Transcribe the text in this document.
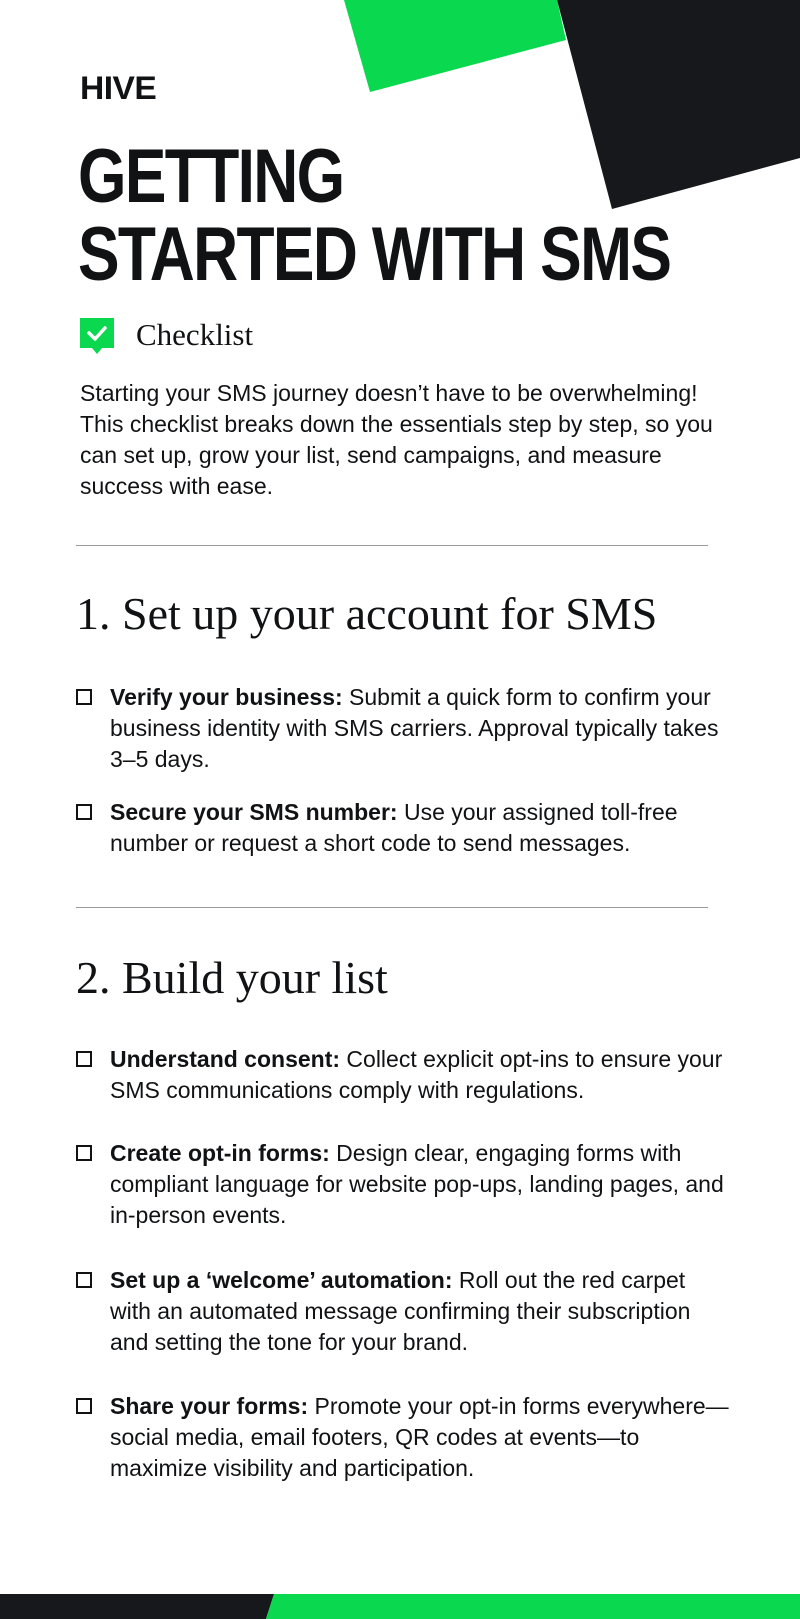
HIVE
GETTING
STARTED WITH SMS
Checklist

Starting your SMS journey doesn’t have to be overwhelming! This checklist breaks down the essentials step by step, so you can set up, grow your list, send campaigns, and measure success with ease.

1. Set up your account for SMS

Verify your business: Submit a quick form to confirm your business identity with SMS carriers. Approval typically takes 3–5 days.

Secure your SMS number: Use your assigned toll-free number or request a short code to send messages.

2. Build your list

Understand consent: Collect explicit opt-ins to ensure your SMS communications comply with regulations.

Create opt-in forms: Design clear, engaging forms with compliant language for website pop-ups, landing pages, and in-person events.

Set up a ‘welcome’ automation: Roll out the red carpet with an automated message confirming their subscription and setting the tone for your brand.

Share your forms: Promote your opt-in forms everywhere—social media, email footers, QR codes at events—to maximize visibility and participation.
